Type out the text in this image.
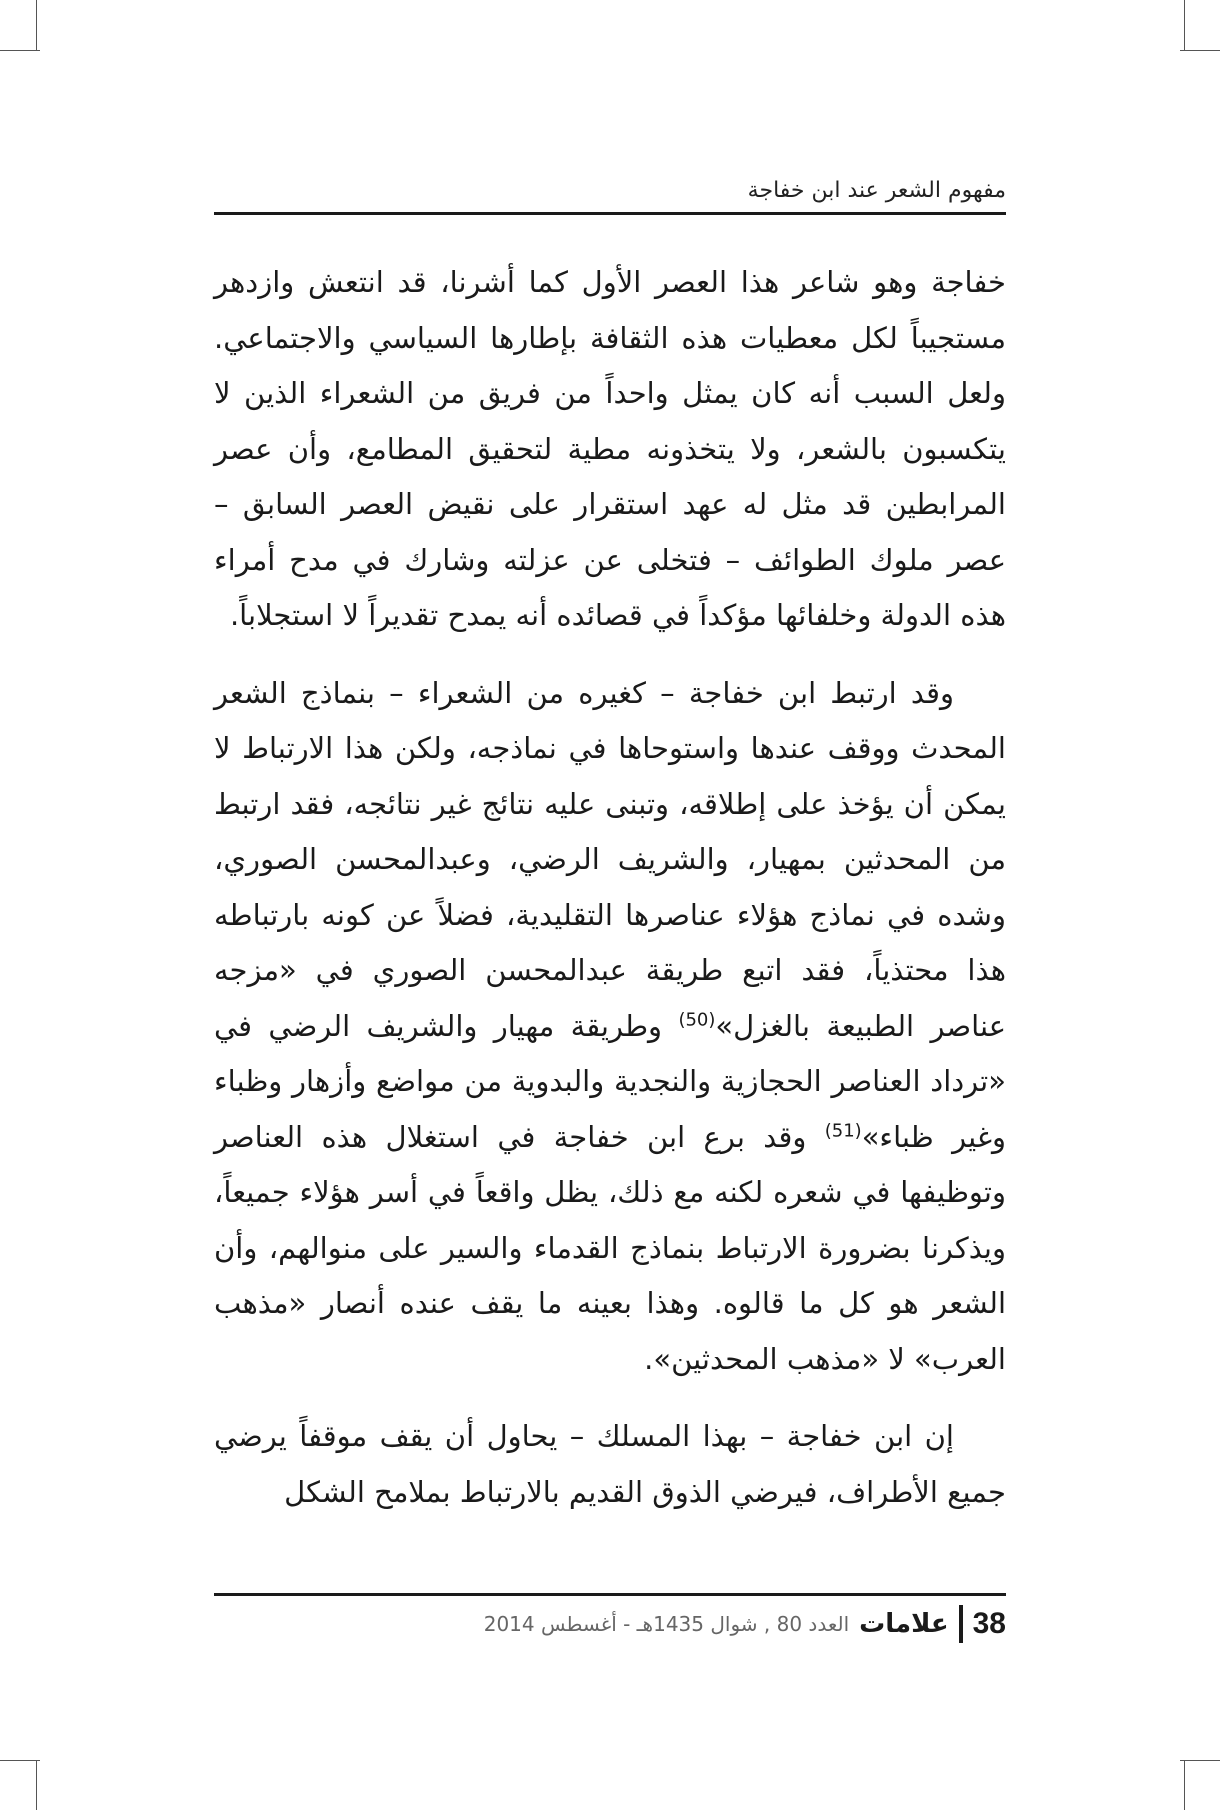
مفهوم الشعر عند ابن خفاجة

خفاجة وهو شاعر هذا العصر الأول كما أشرنا، قد انتعش وازدهر مستجيباً لكل معطيات هذه الثقافة بإطارها السياسي والاجتماعي. ولعل السبب أنه كان يمثل واحداً من فريق من الشعراء الذين لا يتكسبون بالشعر، ولا يتخذونه مطية لتحقيق المطامع، وأن عصر المرابطين قد مثل له عهد استقرار على نقيض العصر السابق – عصر ملوك الطوائف – فتخلى عن عزلته وشارك في مدح أمراء هذه الدولة وخلفائها مؤكداً في قصائده أنه يمدح تقديراً لا استجلاباً.

وقد ارتبط ابن خفاجة – كغيره من الشعراء – بنماذج الشعر المحدث ووقف عندها واستوحاها في نماذجه، ولكن هذا الارتباط لا يمكن أن يؤخذ على إطلاقه، وتبنى عليه نتائج غير نتائجه، فقد ارتبط من المحدثين بمهيار، والشريف الرضي، وعبدالمحسن الصوري، وشده في نماذج هؤلاء عناصرها التقليدية، فضلاً عن كونه بارتباطه هذا محتذياً، فقد اتبع طريقة عبدالمحسن الصوري في «مزجه عناصر الطبيعة بالغزل»$^{(50)}$ وطريقة مهيار والشريف الرضي في «ترداد العناصر الحجازية والنجدية والبدوية من مواضع وأزهار وظباء وغير ظباء»$^{(51)}$ وقد برع ابن خفاجة في استغلال هذه العناصر وتوظيفها في شعره لكنه مع ذلك، يظل واقعاً في أسر هؤلاء جميعاً، ويذكرنا بضرورة الارتباط بنماذج القدماء والسير على منوالهم، وأن الشعر هو كل ما قالوه. وهذا بعينه ما يقف عنده أنصار «مذهب العرب» لا «مذهب المحدثين».

إن ابن خفاجة – بهذا المسلك – يحاول أن يقف موقفاً يرضي جميع الأطراف، فيرضي الذوق القديم بالارتباط بملامح الشكل

38
علامات
العدد 80 , شوال 1435هـ - أغسطس 2014
